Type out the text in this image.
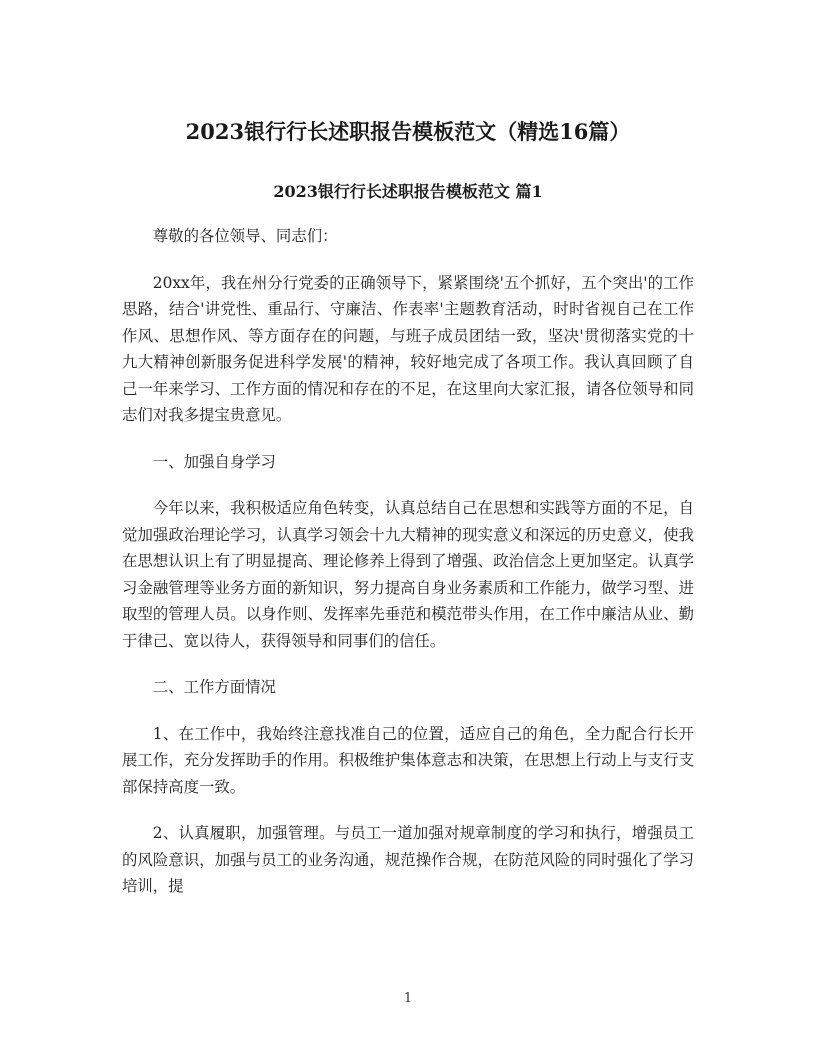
2023银行行长述职报告模板范文（精选16篇）
2023银行行长述职报告模板范文 篇1

尊敬的各位领导、同志们：

20xx年，我在州分行党委的正确领导下，紧紧围绕'五个抓好，五个突出'的工作思路，结合'讲党性、重品行、守廉洁、作表率'主题教育活动，时时省视自己在工作作风、思想作风、等方面存在的问题，与班子成员团结一致，坚决'贯彻落实党的十九大精神创新服务促进科学发展'的精神，较好地完成了各项工作。我认真回顾了自己一年来学习、工作方面的情况和存在的不足，在这里向大家汇报，请各位领导和同志们对我多提宝贵意见。

一、加强自身学习

今年以来，我积极适应角色转变，认真总结自己在思想和实践等方面的不足，自觉加强政治理论学习，认真学习领会十九大精神的现实意义和深远的历史意义，使我在思想认识上有了明显提高、理论修养上得到了增强、政治信念上更加坚定。认真学习金融管理等业务方面的新知识，努力提高自身业务素质和工作能力，做学习型、进取型的管理人员。以身作则、发挥率先垂范和模范带头作用，在工作中廉洁从业、勤于律己、宽以待人，获得领导和同事们的信任。

二、工作方面情况

1、在工作中，我始终注意找准自己的位置，适应自己的角色，全力配合行长开展工作，充分发挥助手的作用。积极维护集体意志和决策，在思想上行动上与支行支部保持高度一致。

2、认真履职，加强管理。与员工一道加强对规章制度的学习和执行，增强员工的风险意识，加强与员工的业务沟通，规范操作合规，在防范风险的同时强化了学习培训，提

1
